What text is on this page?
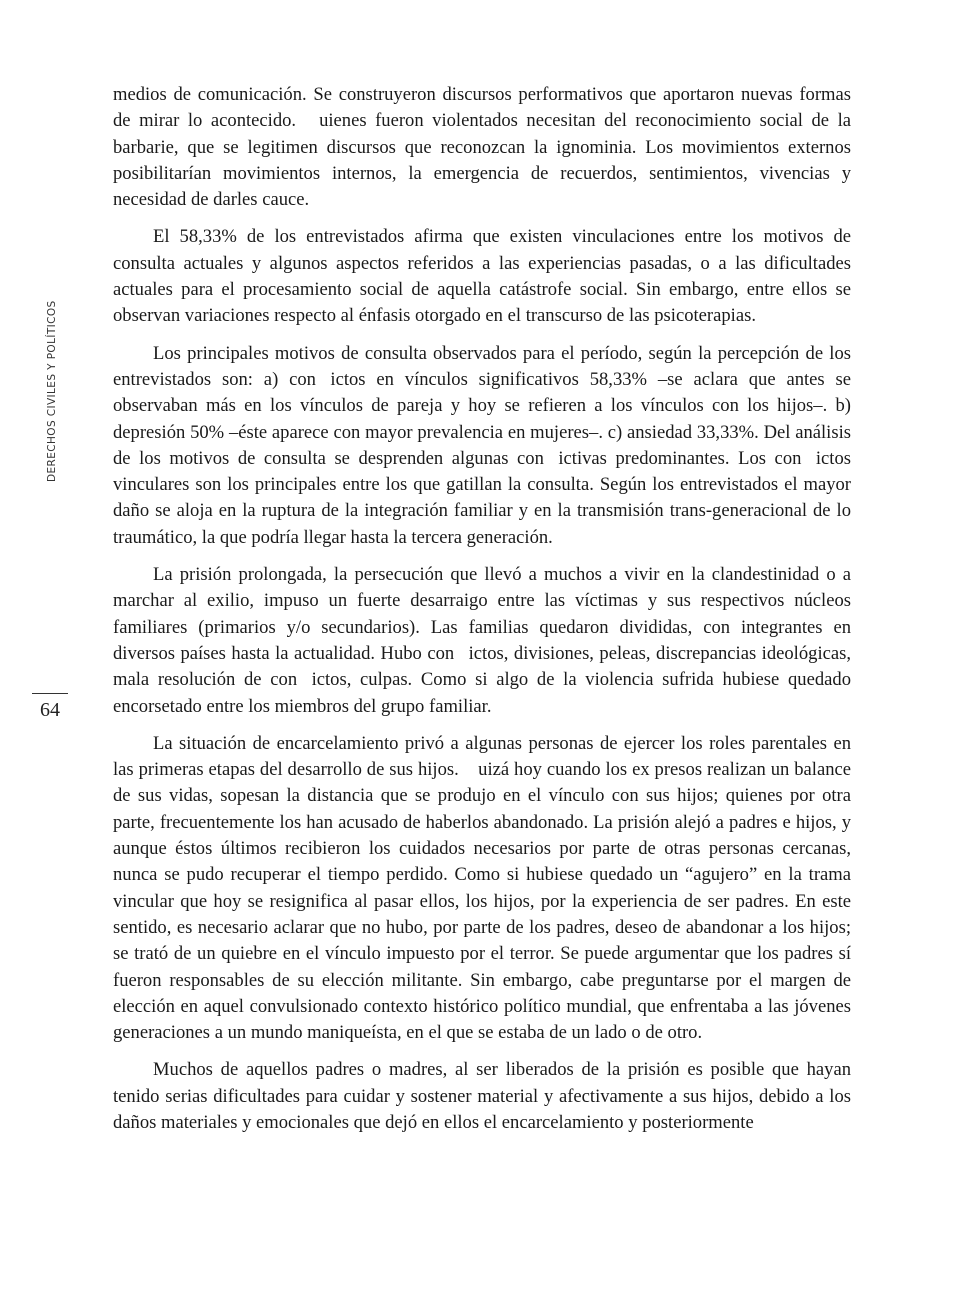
DERECHOS CIVILES Y POLÍTICOS
64

medios de comunicación. Se construyeron discursos performativos que aportaron nuevas formas de mirar lo acontecido.  uienes fueron violentados necesitan del reconocimiento social de la barbarie, que se legitimen discursos que reconozcan la ignominia. Los movimientos externos posibilitarían movimientos internos, la emergencia de recuerdos, sentimientos, vivencias y necesidad de darles cauce.

El 58,33% de los entrevistados afirma que existen vinculaciones entre los motivos de consulta actuales y algunos aspectos referidos a las experiencias pasadas, o a las dificultades actuales para el procesamiento social de aquella catástrofe social. Sin embargo, entre ellos se observan variaciones respecto al énfasis otorgado en el transcurso de las psicoterapias.

Los principales motivos de consulta observados para el período, según la percepción de los entrevistados son: a) con ictos en vínculos significativos 58,33% –se aclara que antes se observaban más en los vínculos de pareja y hoy se refieren a los vínculos con los hijos–. b) depresión 50% –éste aparece con mayor prevalencia en mujeres–. c) ansiedad 33,33%. Del análisis de los motivos de consulta se desprenden algunas con ictivas predominantes. Los con ictos vinculares son los principales entre los que gatillan la consulta. Según los entrevistados el mayor daño se aloja en la ruptura de la integración familiar y en la transmisión trans-generacional de lo traumático, la que podría llegar hasta la tercera generación.

La prisión prolongada, la persecución que llevó a muchos a vivir en la clandestinidad o a marchar al exilio, impuso un fuerte desarraigo entre las víctimas y sus respectivos núcleos familiares (primarios y/o secundarios). Las familias quedaron divididas, con integrantes en diversos países hasta la actualidad. Hubo con ictos, divisiones, peleas, discrepancias ideológicas, mala resolución de con ictos, culpas. Como si algo de la violencia sufrida hubiese quedado encorsetado entre los miembros del grupo familiar.

La situación de encarcelamiento privó a algunas personas de ejercer los roles parentales en las primeras etapas del desarrollo de sus hijos.  uizá hoy cuando los ex presos realizan un balance de sus vidas, sopesan la distancia que se produjo en el vínculo con sus hijos; quienes por otra parte, frecuentemente los han acusado de haberlos abandonado. La prisión alejó a padres e hijos, y aunque éstos últimos recibieron los cuidados necesarios por parte de otras personas cercanas, nunca se pudo recuperar el tiempo perdido. Como si hubiese quedado un “agujero” en la trama vincular que hoy se resignifica al pasar ellos, los hijos, por la experiencia de ser padres. En este sentido, es necesario aclarar que no hubo, por parte de los padres, deseo de abandonar a los hijos; se trató de un quiebre en el vínculo impuesto por el terror. Se puede argumentar que los padres sí fueron responsables de su elección militante. Sin embargo, cabe preguntarse por el margen de elección en aquel convulsionado contexto histórico político mundial, que enfrentaba a las jóvenes generaciones a un mundo maniqueísta, en el que se estaba de un lado o de otro.

Muchos de aquellos padres o madres, al ser liberados de la prisión es posible que hayan tenido serias dificultades para cuidar y sostener material y afectivamente a sus hijos, debido a los daños materiales y emocionales que dejó en ellos el encarcelamiento y posteriormente
